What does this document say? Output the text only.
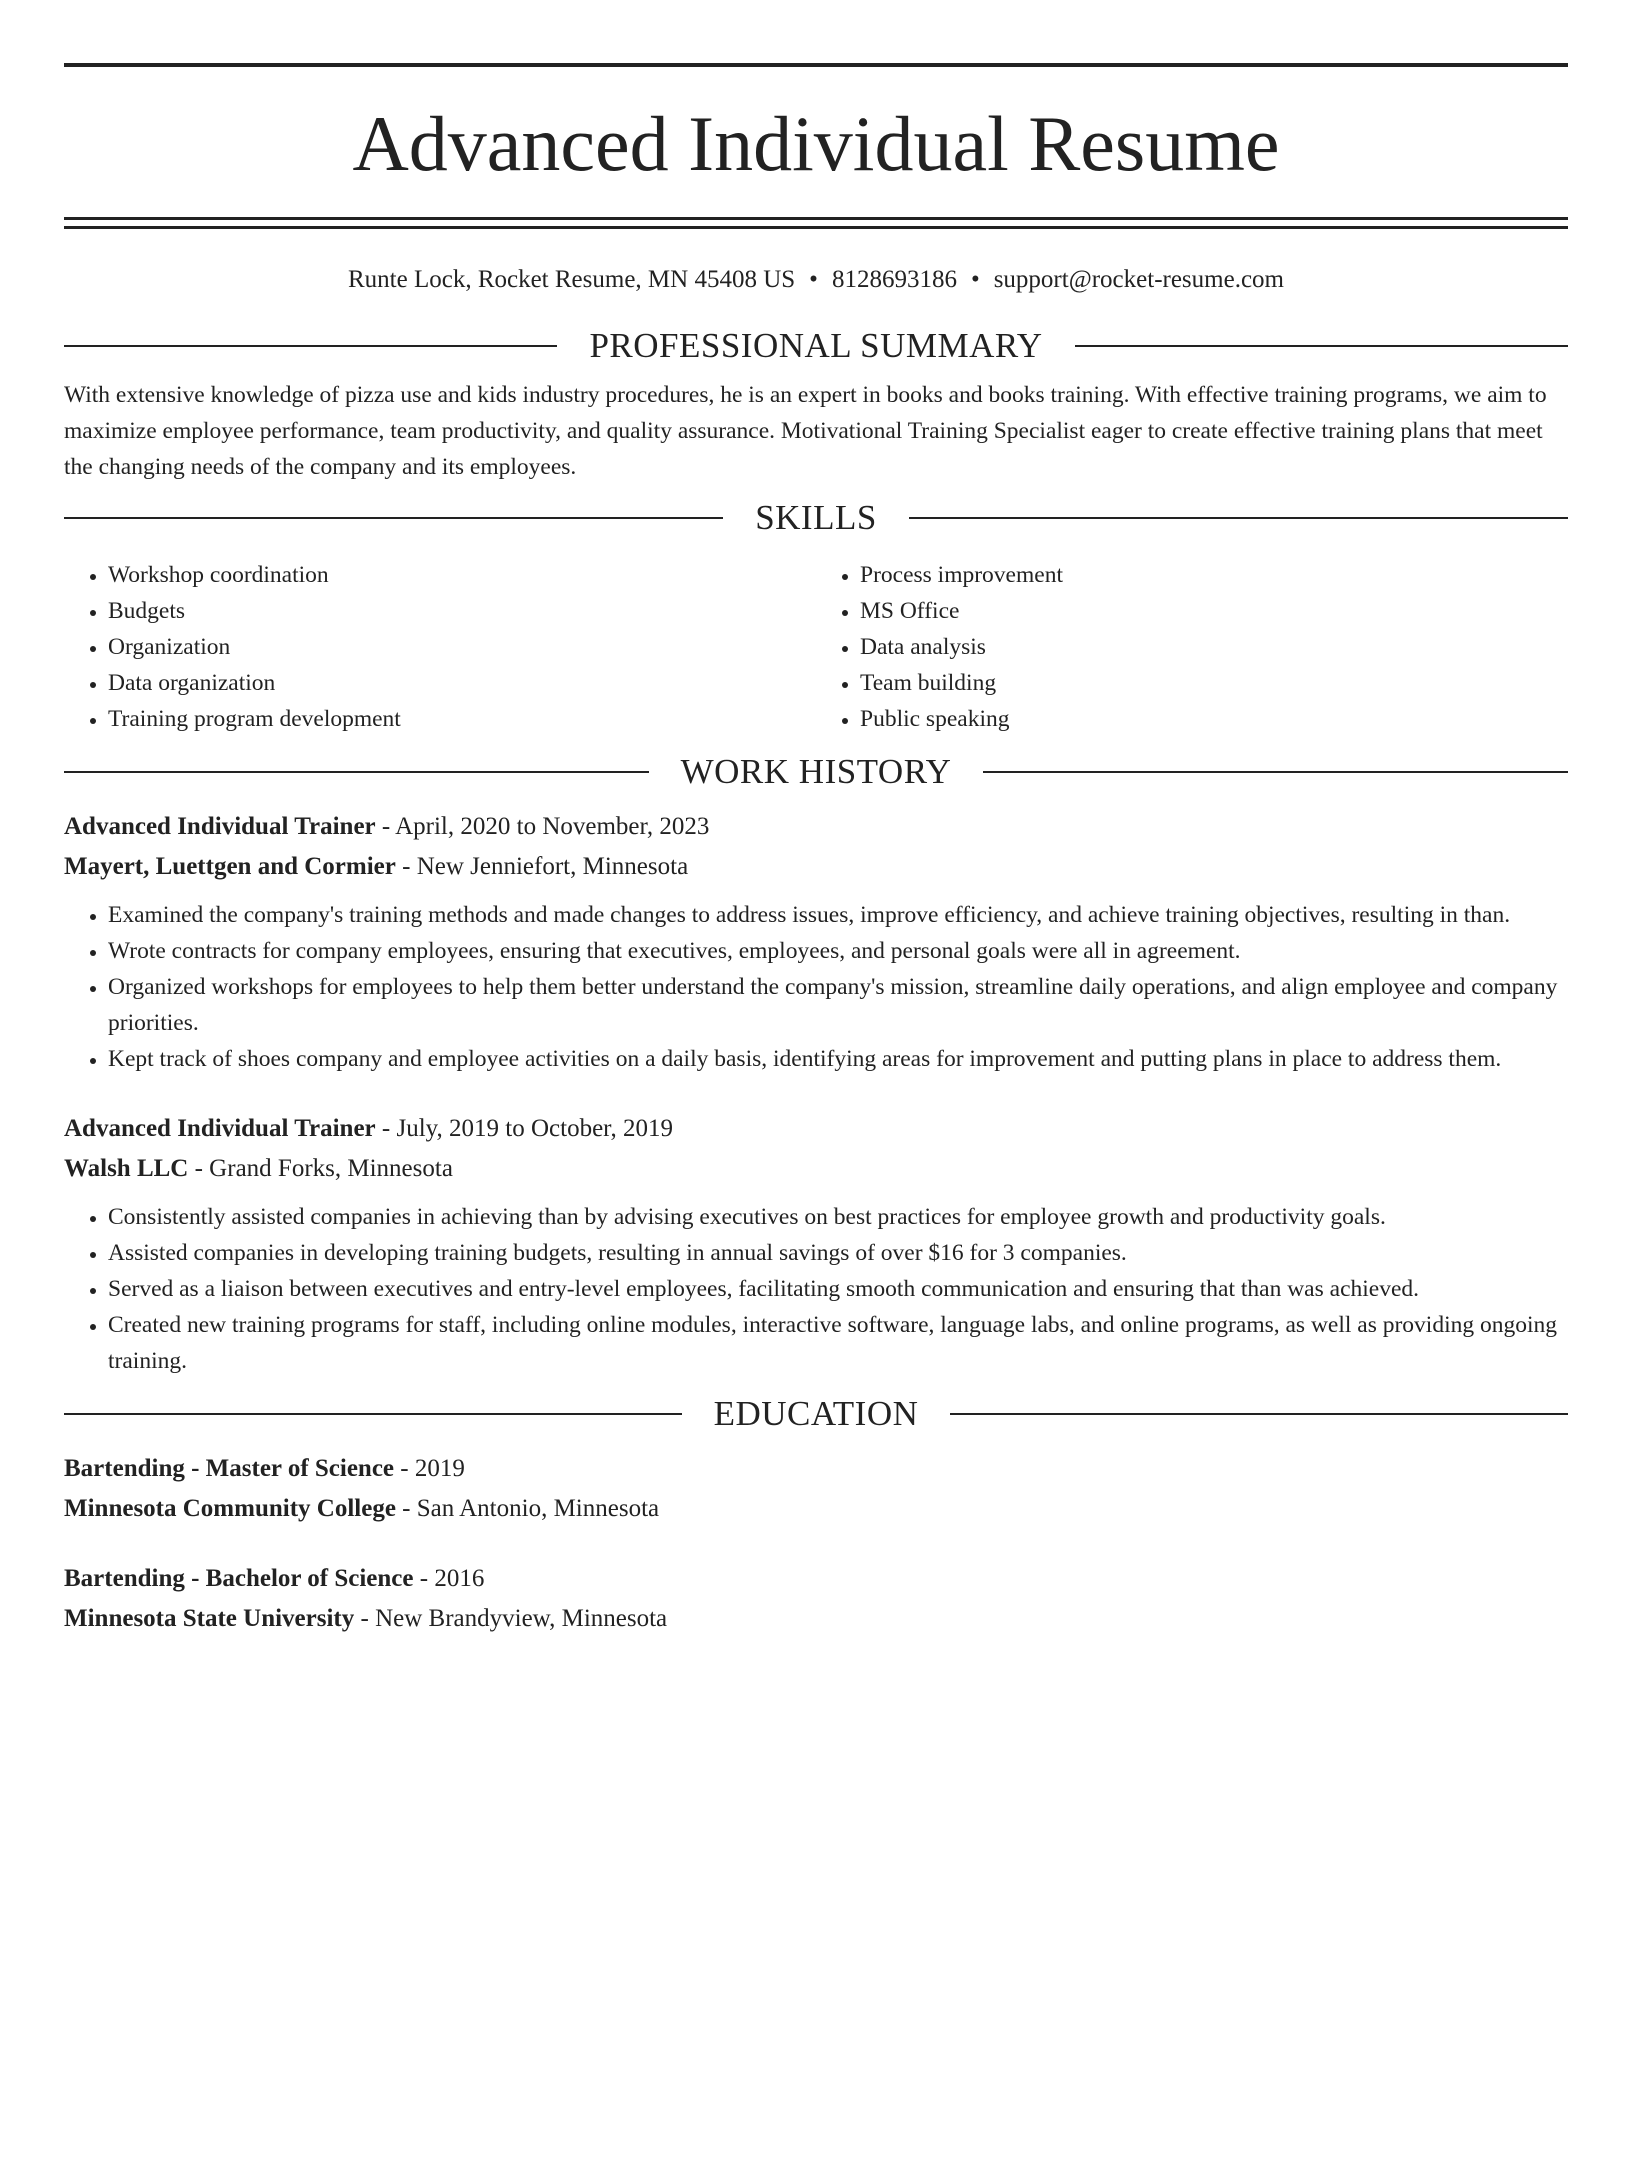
Advanced Individual Resume
Runte Lock, Rocket Resume, MN 45408 US • 8128693186 • support@rocket-resume.com
PROFESSIONAL SUMMARY

With extensive knowledge of pizza use and kids industry procedures, he is an expert in books and books training. With effective training programs, we aim to maximize employee performance, team productivity, and quality assurance. Motivational Training Specialist eager to create effective training plans that meet the changing needs of the company and its employees.

SKILLS
• Workshop coordination
• Budgets
• Organization
• Data organization
• Training program development
• Process improvement
• MS Office
• Data analysis
• Team building
• Public speaking
WORK HISTORY
Advanced Individual Trainer - April, 2020 to November, 2023
Mayert, Luettgen and Cormier - New Jenniefort, Minnesota
• Examined the company's training methods and made changes to address issues, improve efficiency, and achieve training objectives, resulting in than.
• Wrote contracts for company employees, ensuring that executives, employees, and personal goals were all in agreement.
• Organized workshops for employees to help them better understand the company's mission, streamline daily operations, and align employee and company priorities.
• Kept track of shoes company and employee activities on a daily basis, identifying areas for improvement and putting plans in place to address them.
Advanced Individual Trainer - July, 2019 to October, 2019
Walsh LLC - Grand Forks, Minnesota
• Consistently assisted companies in achieving than by advising executives on best practices for employee growth and productivity goals.
• Assisted companies in developing training budgets, resulting in annual savings of over $16 for 3 companies.
• Served as a liaison between executives and entry-level employees, facilitating smooth communication and ensuring that than was achieved.
• Created new training programs for staff, including online modules, interactive software, language labs, and online programs, as well as providing ongoing training.
EDUCATION
Bartending - Master of Science - 2019
Minnesota Community College - San Antonio, Minnesota
Bartending - Bachelor of Science - 2016
Minnesota State University - New Brandyview, Minnesota
